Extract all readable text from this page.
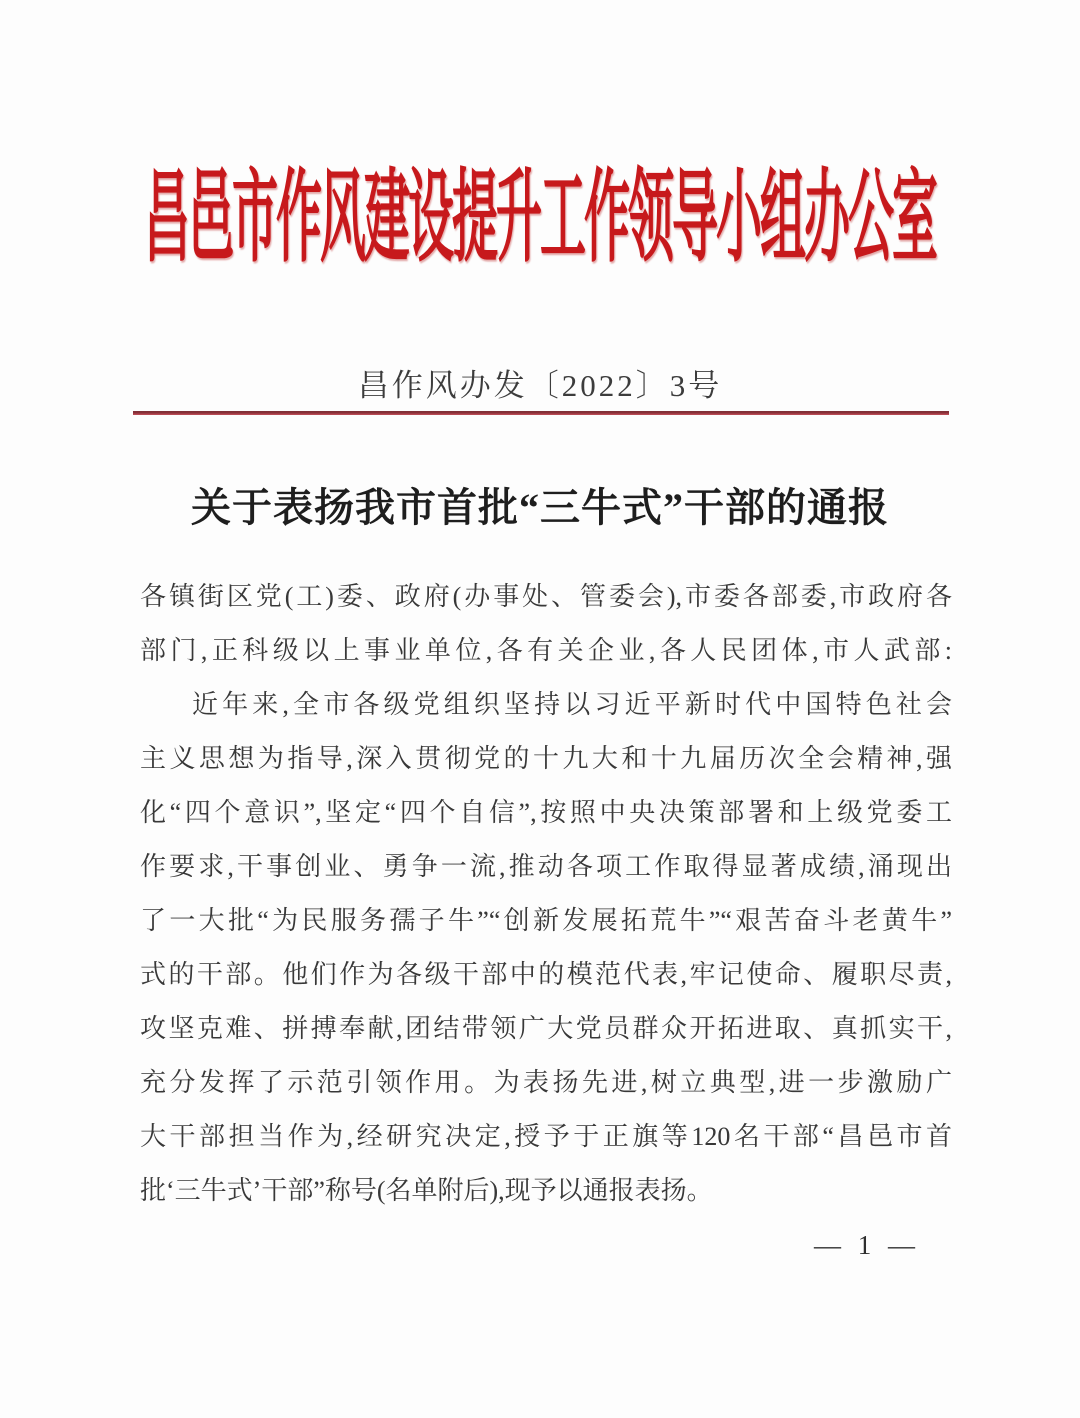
昌邑市作风建设提升工作领导小组办公室
昌作风办发〔2022〕3号
关于表扬我市首批“三牛式”干部的通报
各镇街区党(工)委、政府(办事处、管委会),市委各部委,市政府各
部门,正科级以上事业单位,各有关企业,各人民团体,市人武部:
近年来,全市各级党组织坚持以习近平新时代中国特色社会
主义思想为指导,深入贯彻党的十九大和十九届历次全会精神,强
化“四个意识”,坚定“四个自信”,按照中央决策部署和上级党委工
作要求,干事创业、勇争一流,推动各项工作取得显著成绩,涌现出
了一大批“为民服务孺子牛”“创新发展拓荒牛”“艰苦奋斗老黄牛”
式的干部。他们作为各级干部中的模范代表,牢记使命、履职尽责,
攻坚克难、拼搏奉献,团结带领广大党员群众开拓进取、真抓实干,
充分发挥了示范引领作用。为表扬先进,树立典型,进一步激励广
大干部担当作为,经研究决定,授予于正旗等120名干部“昌邑市首
批‘三牛式’干部”称号(名单附后),现予以通报表扬。
— 1 —
